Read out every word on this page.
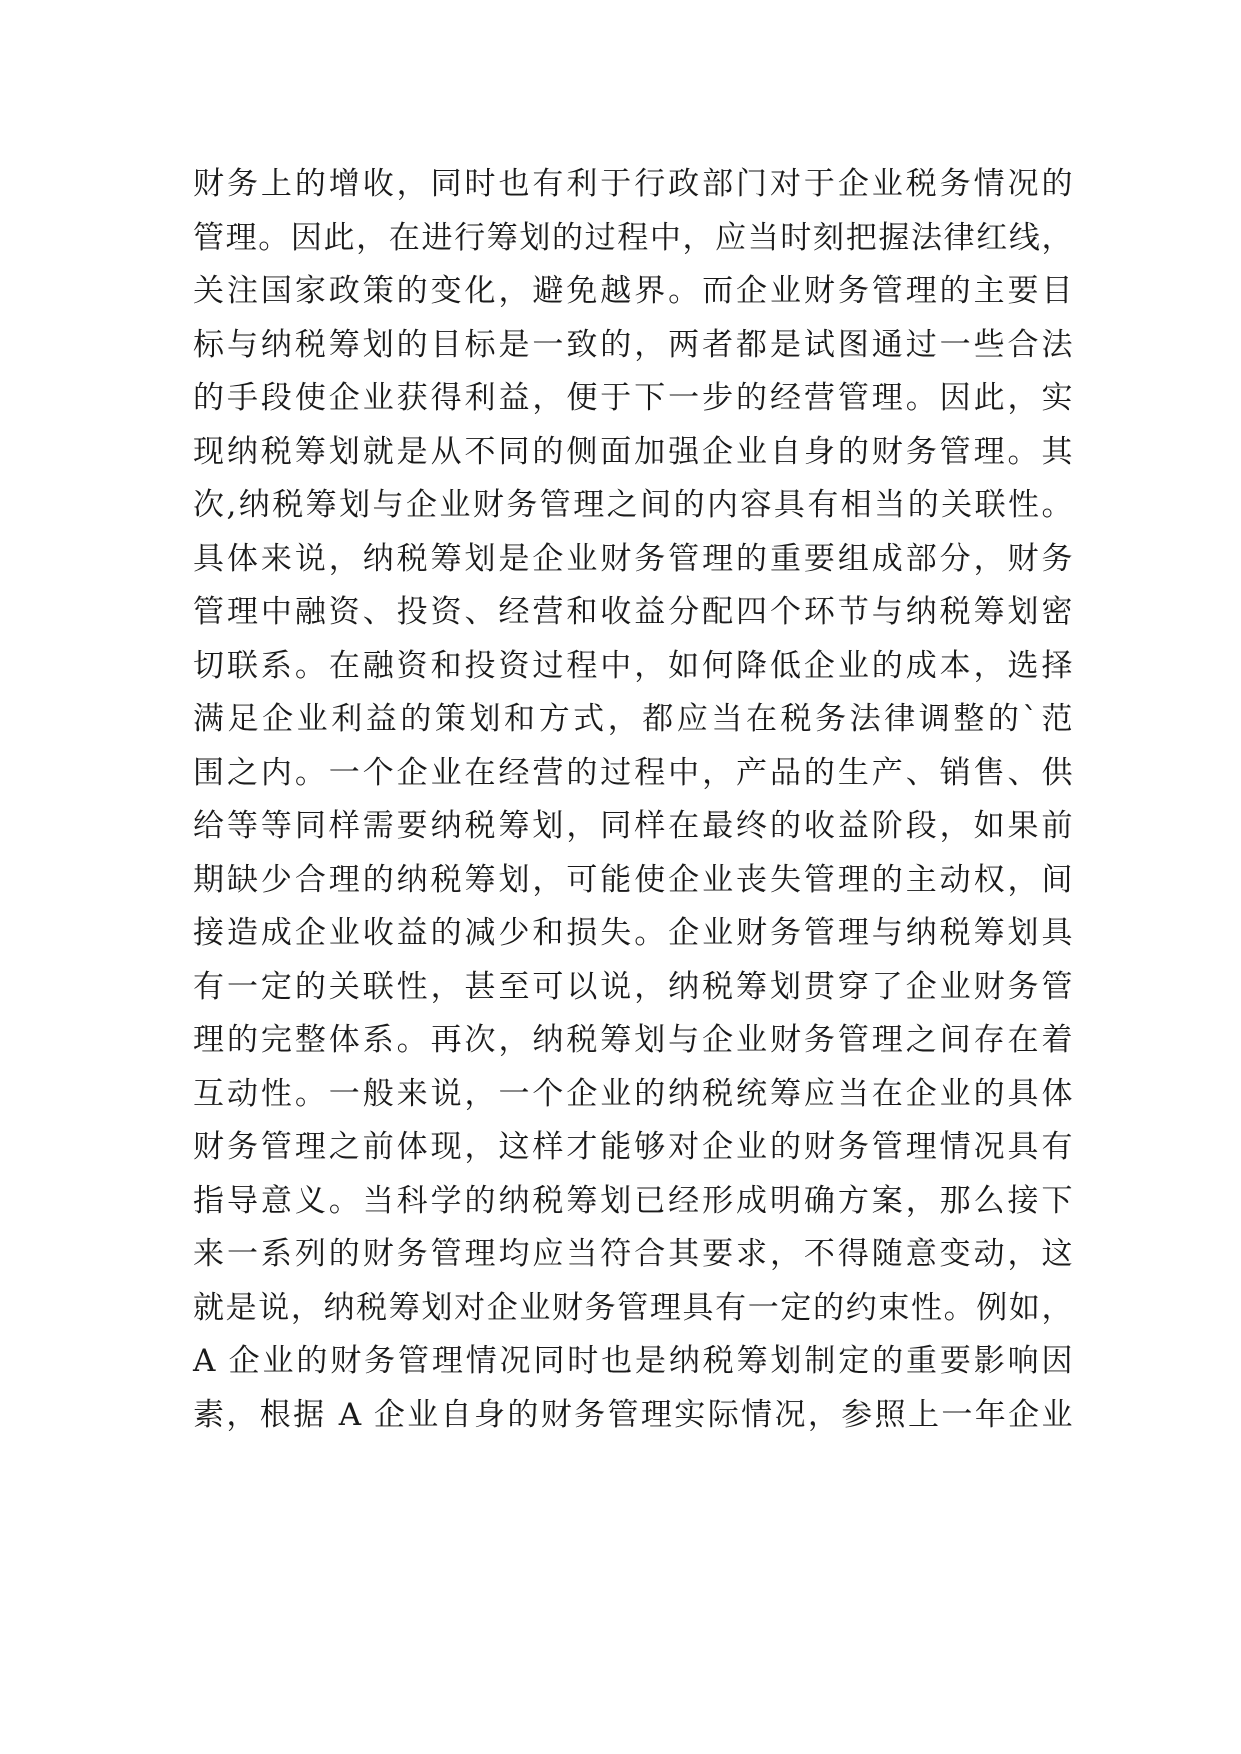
财务上的增收，同时也有利于行政部门对于企业税务情况的
管理。因此，在进行筹划的过程中，应当时刻把握法律红线，
关注国家政策的变化，避免越界。而企业财务管理的主要目
标与纳税筹划的目标是一致的，两者都是试图通过一些合法
的手段使企业获得利益，便于下一步的经营管理。因此，实
现纳税筹划就是从不同的侧面加强企业自身的财务管理。其
次,纳税筹划与企业财务管理之间的内容具有相当的关联性。
具体来说，纳税筹划是企业财务管理的重要组成部分，财务
管理中融资、投资、经营和收益分配四个环节与纳税筹划密
切联系。在融资和投资过程中，如何降低企业的成本，选择
满足企业利益的策划和方式，都应当在税务法律调整的`范
围之内。一个企业在经营的过程中，产品的生产、销售、供
给等等同样需要纳税筹划，同样在最终的收益阶段，如果前
期缺少合理的纳税筹划，可能使企业丧失管理的主动权，间
接造成企业收益的减少和损失。企业财务管理与纳税筹划具
有一定的关联性，甚至可以说，纳税筹划贯穿了企业财务管
理的完整体系。再次，纳税筹划与企业财务管理之间存在着
互动性。一般来说，一个企业的纳税统筹应当在企业的具体
财务管理之前体现，这样才能够对企业的财务管理情况具有
指导意义。当科学的纳税筹划已经形成明确方案，那么接下
来一系列的财务管理均应当符合其要求，不得随意变动，这
就是说，纳税筹划对企业财务管理具有一定的约束性。例如，
A 企业的财务管理情况同时也是纳税筹划制定的重要影响因
素，根据 A 企业自身的财务管理实际情况，参照上一年企业
